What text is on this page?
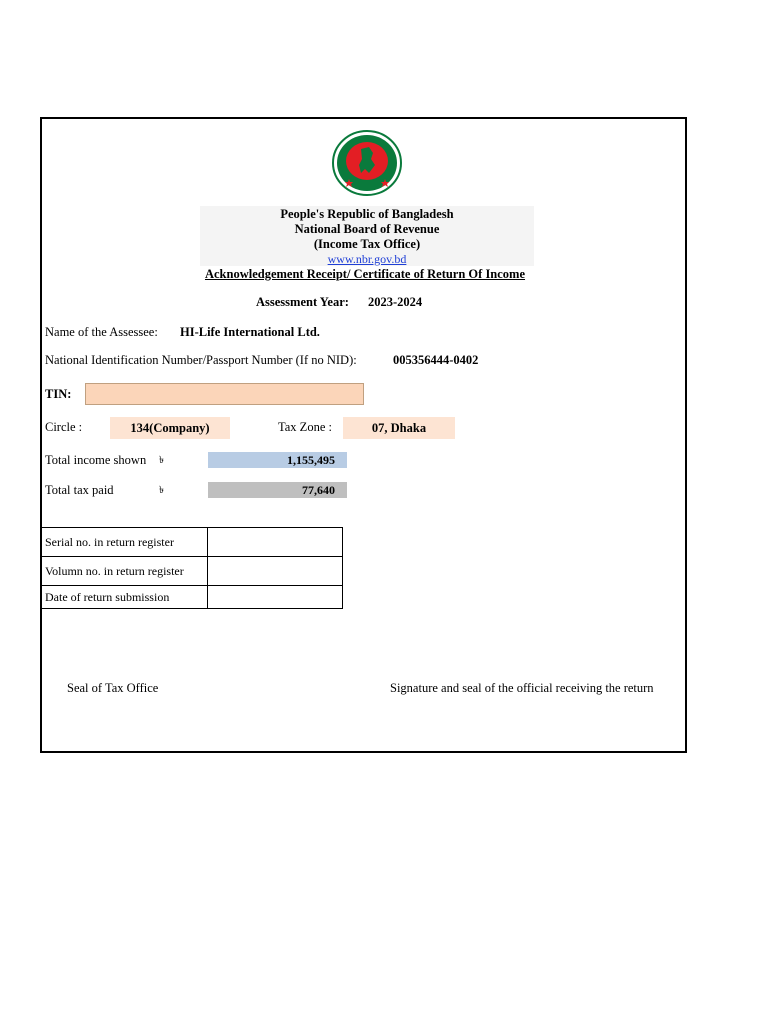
People's Republic of Bangladesh
National Board of Revenue
(Income Tax Office)
www.nbr.gov.bd
Acknowledgement Receipt/ Certificate of Return Of Income
Assessment Year: 2023-2024
Name of the Assessee: HI-Life International Ltd.
National Identification Number/Passport Number (If no NID):	005356444-0402
TIN:
Circle :	134(Company)	Tax Zone :	07, Dhaka
Total income shown ৳	1,155,495
Total tax paid	৳	77,640
Serial no. in return register	
Volumn no. in return register	
Date of return submission	
Seal of Tax Office	Signature and seal of the official receiving the return
